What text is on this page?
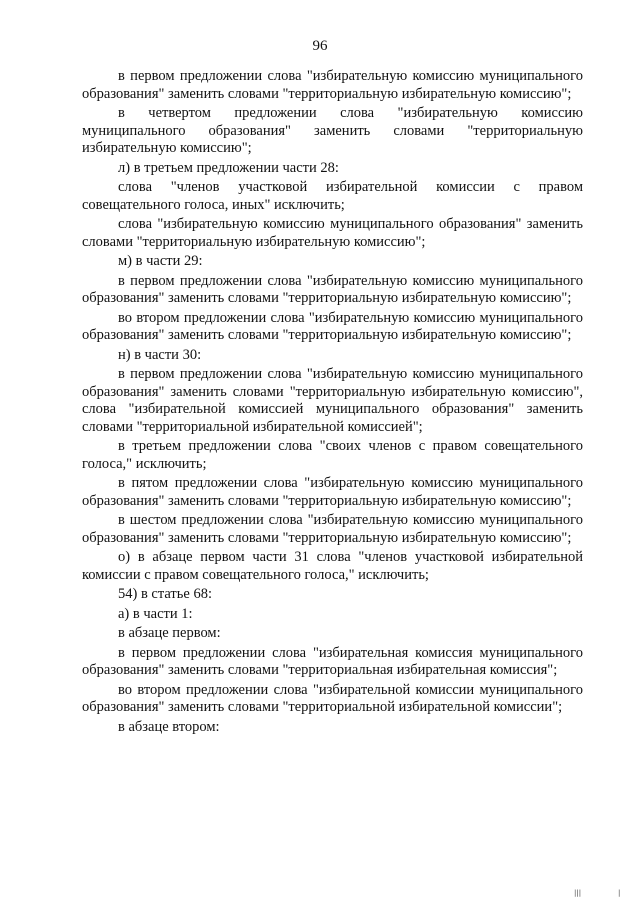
96

в первом предложении слова "избирательную комиссию муниципального образования" заменить словами "территориальную избирательную комиссию";

в четвертом предложении слова "избирательную комиссию муниципального образования" заменить словами "территориальную избирательную комиссию";

л) в третьем предложении части 28:

слова "членов участковой избирательной комиссии с правом совещательного голоса, иных" исключить;

слова "избирательную комиссию муниципального образования" заменить словами "территориальную избирательную комиссию";

м) в части 29:

в первом предложении слова "избирательную комиссию муниципального образования" заменить словами "территориальную избирательную комиссию";

во втором предложении слова "избирательную комиссию муниципального образования" заменить словами "территориальную избирательную комиссию";

н) в части 30:

в первом предложении слова "избирательную комиссию муниципального образования" заменить словами "территориальную избирательную комиссию", слова "избирательной комиссией муниципального образования" заменить словами "территориальной избирательной комиссией";

в третьем предложении слова "своих членов с правом совещательного голоса," исключить;

в пятом предложении слова "избирательную комиссию муниципального образования" заменить словами "территориальную избирательную комиссию";

в шестом предложении слова "избирательную комиссию муниципального образования" заменить словами "территориальную избирательную комиссию";

о) в абзаце первом части 31 слова "членов участковой избирательной комиссии с правом совещательного голоса," исключить;

54) в статье 68:

а) в части 1:

в абзаце первом:

в первом предложении слова "избирательная комиссия муниципального образования" заменить словами "территориальная избирательная комиссия";

во втором предложении слова "избирательной комиссии муниципального образования" заменить словами "территориальной избирательной комиссии";

в абзаце втором:

|||	|
